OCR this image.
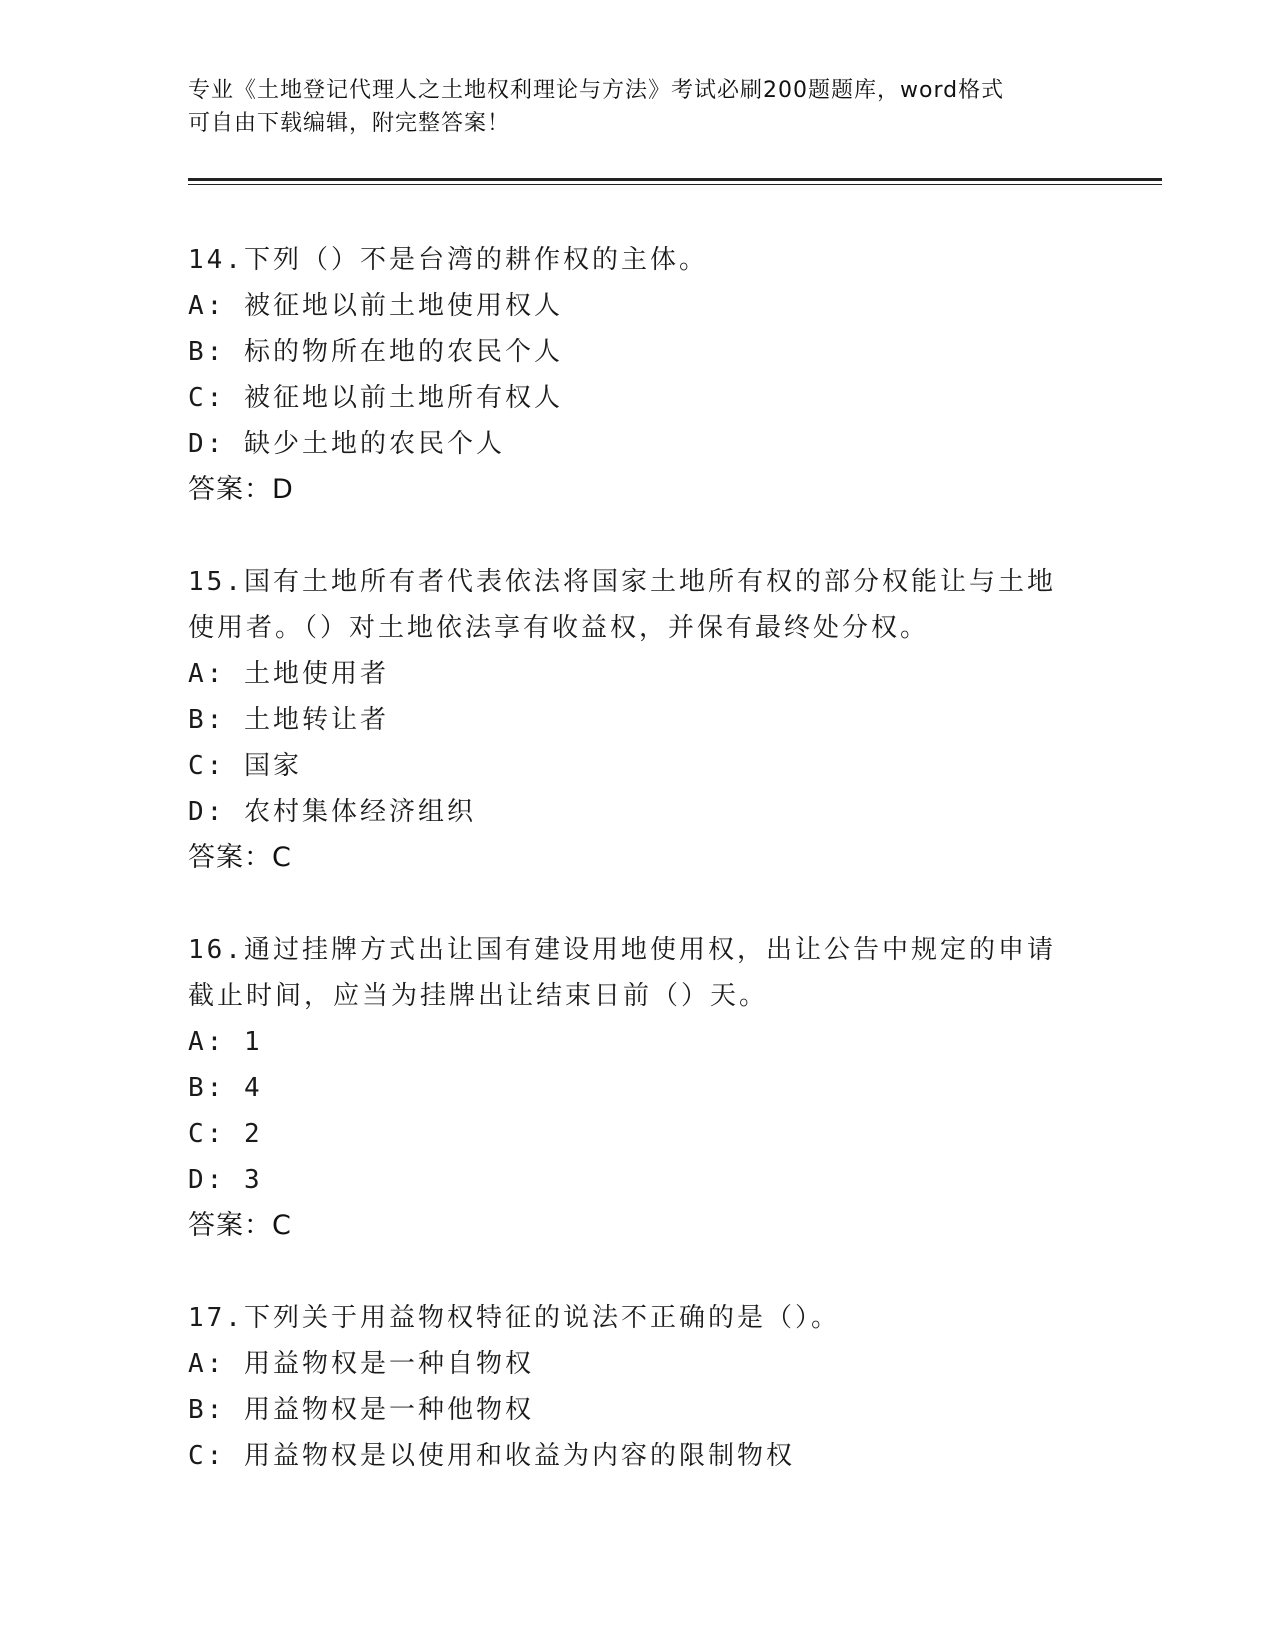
专业《土地登记代理人之土地权利理论与方法》考试必刷200题题库，word格式
可自由下载编辑，附完整答案！
14.下列（）不是台湾的耕作权的主体。
A: 被征地以前土地使用权人
B: 标的物所在地的农民个人
C: 被征地以前土地所有权人
D: 缺少土地的农民个人
答案：D
15.国有土地所有者代表依法将国家土地所有权的部分权能让与土地使用者。（）对土地依法享有收益权，并保有最终处分权。
A: 土地使用者
B: 土地转让者
C: 国家
D: 农村集体经济组织
答案：C
16.通过挂牌方式出让国有建设用地使用权，出让公告中规定的申请截止时间，应当为挂牌出让结束日前（）天。
A: 1
B: 4
C: 2
D: 3
答案：C
17.下列关于用益物权特征的说法不正确的是（）。
A: 用益物权是一种自物权
B: 用益物权是一种他物权
C: 用益物权是以使用和收益为内容的限制物权
